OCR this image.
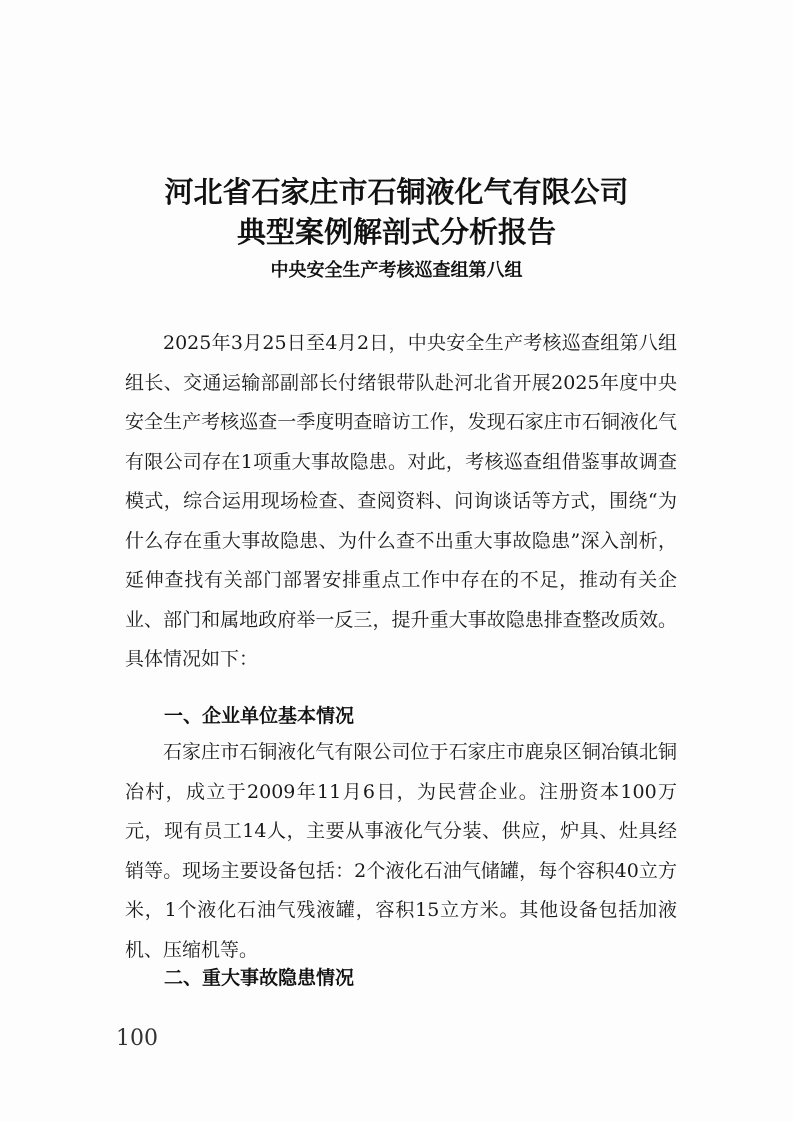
河北省石家庄市石铜液化气有限公司
典型案例解剖式分析报告
中央安全生产考核巡查组第八组

2025年3月25日至4月2日，中央安全生产考核巡查组第八组组长、交通运输部副部长付绪银带队赴河北省开展2025年度中央安全生产考核巡查一季度明查暗访工作，发现石家庄市石铜液化气有限公司存在1项重大事故隐患。对此，考核巡查组借鉴事故调查模式，综合运用现场检查、查阅资料、问询谈话等方式，围绕“为什么存在重大事故隐患、为什么查不出重大事故隐患”深入剖析，延伸查找有关部门部署安排重点工作中存在的不足，推动有关企业、部门和属地政府举一反三，提升重大事故隐患排查整改质效。具体情况如下：

一、企业单位基本情况

石家庄市石铜液化气有限公司位于石家庄市鹿泉区铜冶镇北铜冶村，成立于2009年11月6日，为民营企业。注册资本100万元，现有员工14人，主要从事液化气分装、供应，炉具、灶具经销等。现场主要设备包括：2个液化石油气储罐，每个容积40立方米，1个液化石油气残液罐，容积15立方米。其他设备包括加液机、压缩机等。

二、重大事故隐患情况
100
